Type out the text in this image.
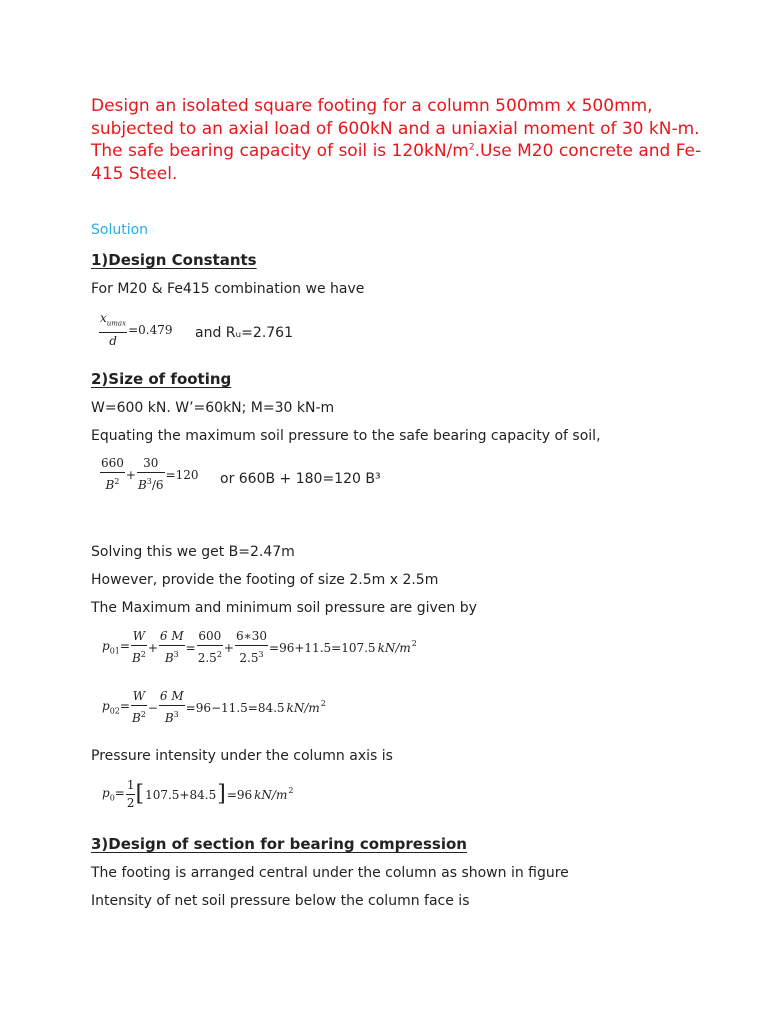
Design an isolated square footing for a column 500mm x 500mm, subjected to an axial load of 600kN and a uniaxial moment of 30 kN-m. The safe bearing capacity of soil is $120kN/m^2.Use$ M20 concrete and Fe-415 Steel.

Solution
1)Design Constants
For M20 & Fe415 combination we have
$\frac{x_{umax}}{d} =0.479$ and Rᵤ=2.761
2)Size of footing
W=600 kN. W’=60kN; M=30 kN-m
Equating the maximum soil pressure to the safe bearing capacity of soil,
$\frac{660}{B^2} + \frac{30}{B^3/6} =120$ or 660B + 180=120 B³
Solving this we get B=2.47m
However, provide the footing of size 2.5m x 2.5m
The Maximum and minimum soil pressure are given by
$p_{01}= \frac{W}{B^2} + \frac{6 M}{B^3} = \frac{600}{2.5^2} + \frac{6∗30}{2.5^3} =96+11.5=107.5$ $kN/m^2$
$p_{02}= \frac{W}{B^2} - \frac{6 M}{B^3} =96-11.5=84.5$ $kN/m^2$
Pressure intensity under the column axis is
$p_0= \frac{1}{2} [107.5+84.5]=96$ $kN/m^2$
3)Design of section for bearing compression
The footing is arranged central under the column as shown in figure
Intensity of net soil pressure below the column face is
